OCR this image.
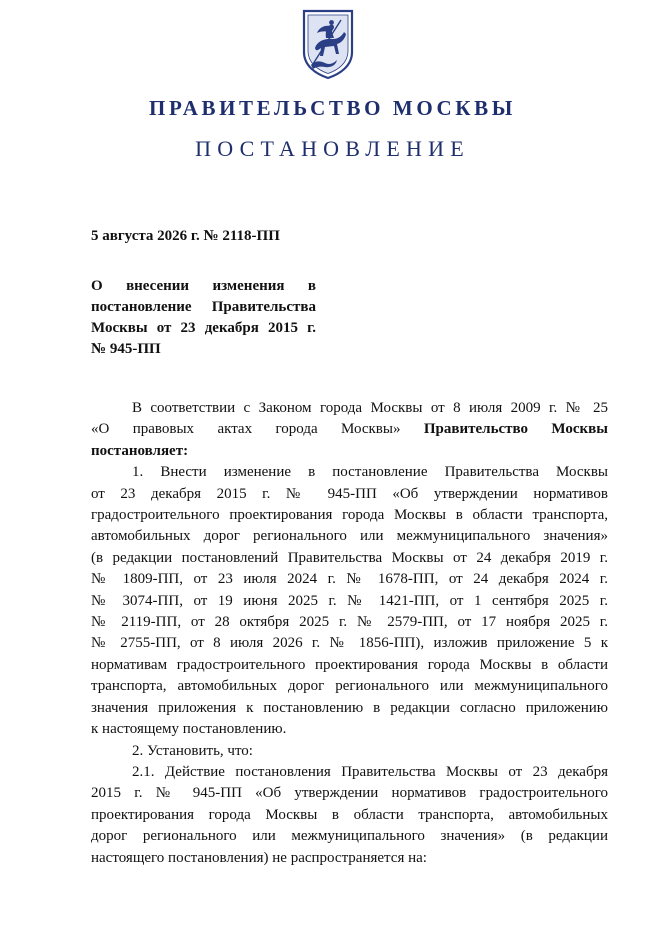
ПРАВИТЕЛЬСТВО МОСКВЫ
ПОСТАНОВЛЕНИЕ
5 августа 2026 г. № 2118-ПП
О внесении изменения в
постановление Правительства
Москвы от 23 декабря 2015 г.
№ 945-ПП
В соответствии с Законом города Москвы от 8 июля 2009 г. № 25
«О правовых актах города Москвы» Правительство Москвы
постановляет:
1. Внести изменение в постановление Правительства Москвы
от 23 декабря 2015 г. № 945-ПП «Об утверждении нормативов
градостроительного проектирования города Москвы в области транспорта,
автомобильных дорог регионального или межмуниципального значения»
(в редакции постановлений Правительства Москвы от 24 декабря 2019 г.
№ 1809-ПП, от 23 июля 2024 г. № 1678-ПП, от 24 декабря 2024 г.
№ 3074-ПП, от 19 июня 2025 г. № 1421-ПП, от 1 сентября 2025 г.
№ 2119-ПП, от 28 октября 2025 г. № 2579-ПП, от 17 ноября 2025 г.
№ 2755-ПП, от 8 июля 2026 г. № 1856-ПП), изложив приложение 5 к
нормативам градостроительного проектирования города Москвы в области
транспорта, автомобильных дорог регионального или межмуниципального
значения приложения к постановлению в редакции согласно приложению
к настоящему постановлению.
2. Установить, что:
2.1. Действие постановления Правительства Москвы от 23 декабря
2015 г. № 945-ПП «Об утверждении нормативов градостроительного
проектирования города Москвы в области транспорта, автомобильных
дорог регионального или межмуниципального значения» (в редакции
настоящего постановления) не распространяется на:
